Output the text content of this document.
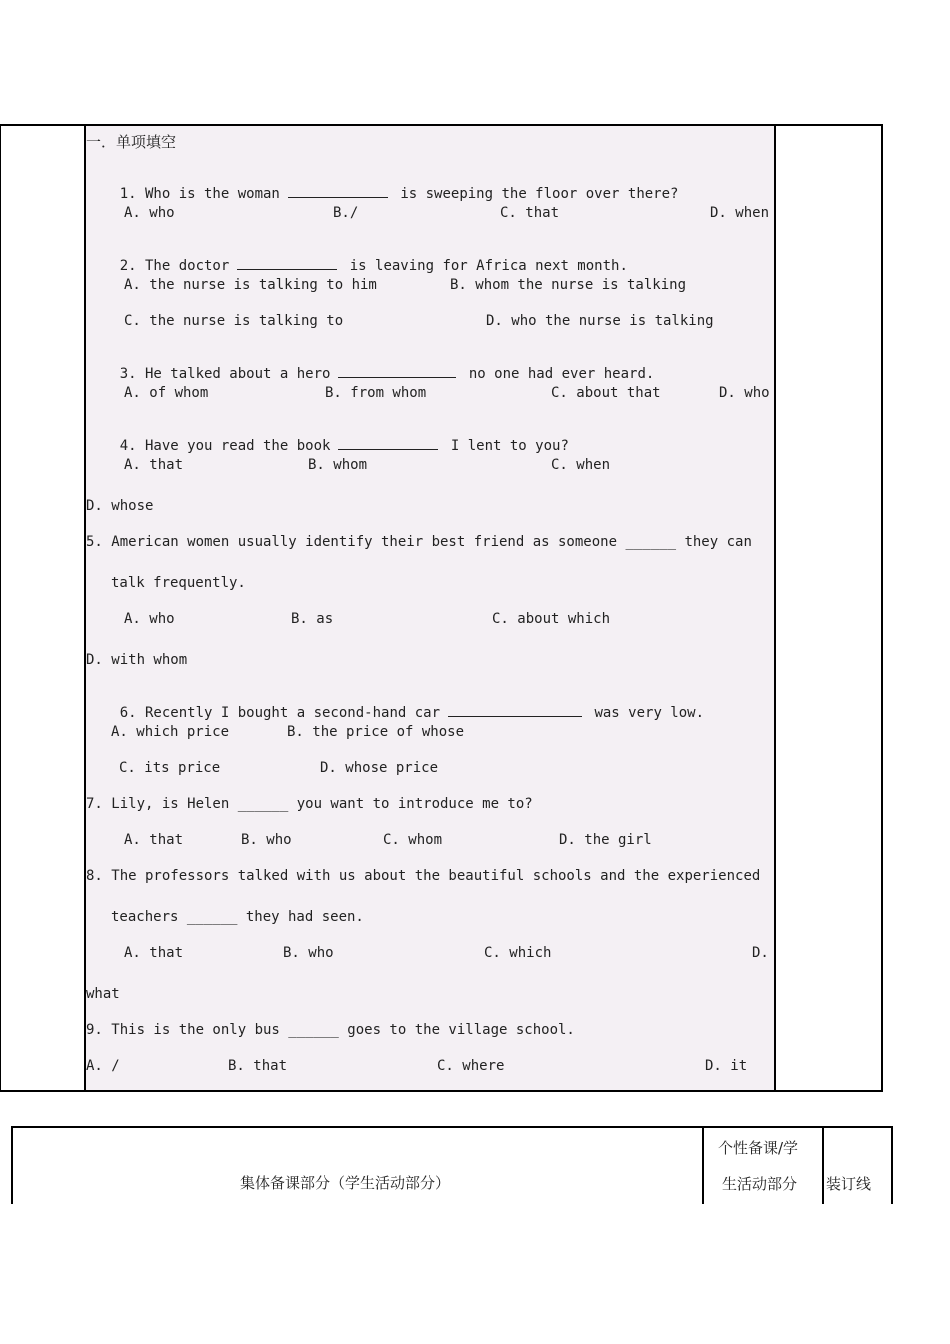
一．单项填空

1. Who is the woman	is sweeping the floor over there?

A. who	B./	C. that	D. when

2. The doctor	is leaving for Africa next month.

A. the nurse is talking to him	B. whom the nurse is talking
C. the nurse is talking to	D. who the nurse is talking

3. He talked about a hero	no one had ever heard.

A. of whom	B. from whom	C. about that	D. who

4. Have you read the book	I lent to you?

A. that	B. whom	C. when
D. whose
5. American women usually identify their best friend as someone ______ they can
talk frequently.
A. who	B. as	C. about which
D. with whom

6. Recently I bought a second-hand car	was very low.

A. which price	B. the price of whose
C. its price	D. whose price
7. Lily, is Helen ______ you want to introduce me to?
A. that	B. who	C. whom	D. the girl
8. The professors talked with us about the beautiful schools and the experienced
teachers ______ they had seen.
A. that	B. who	C. which	D.
what
9. This is the only bus ______ goes to the village school.
A. /	B. that	C. where	D. it
集体备课部分（学生活动部分）
个性备课/学
生活动部分 装订线
